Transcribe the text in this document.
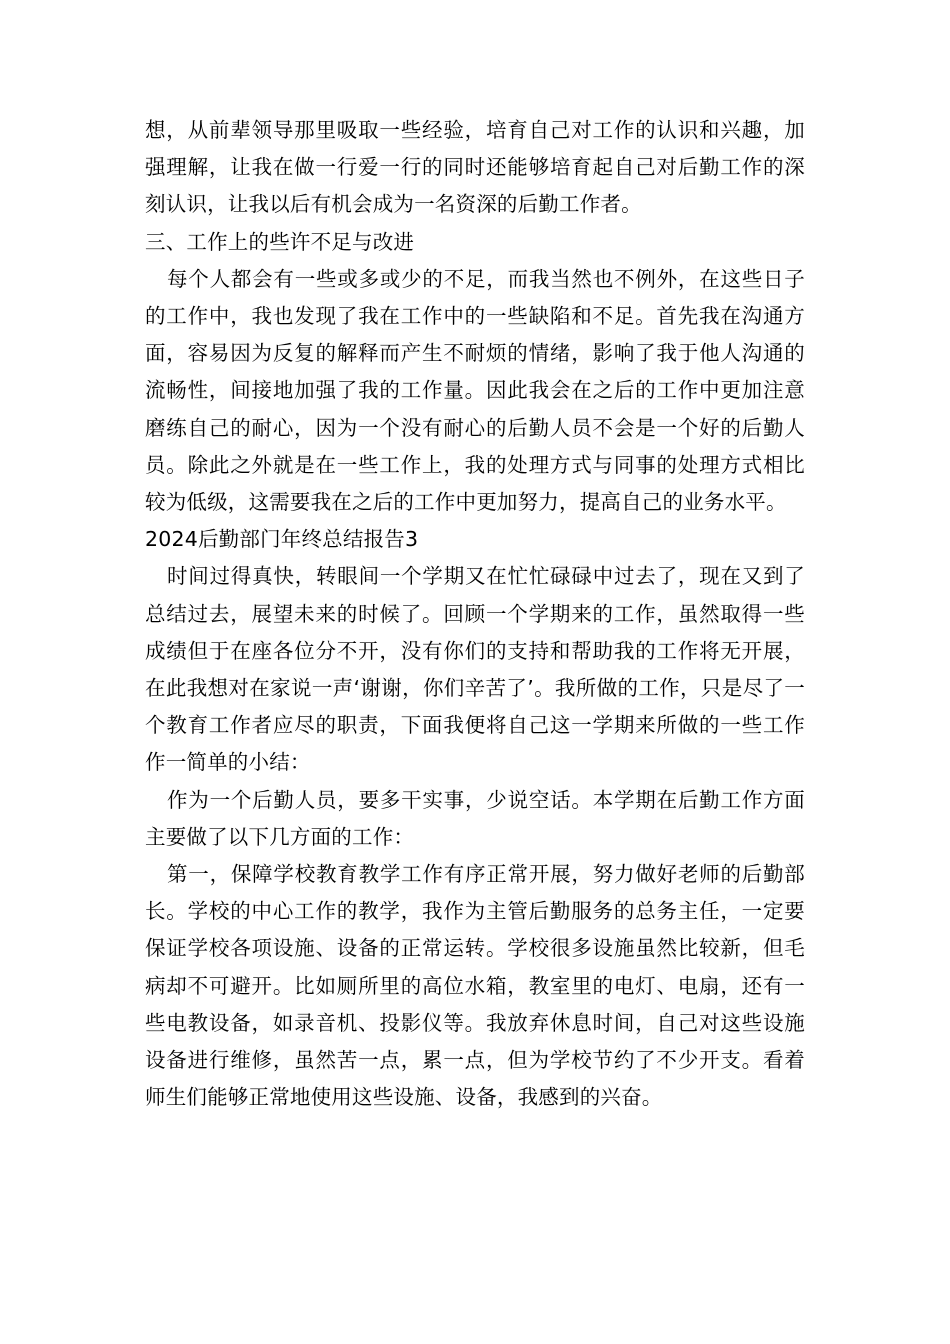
想，从前辈领导那里吸取一些经验，培育自己对工作的认识和兴趣，加强理解，让我在做一行爱一行的同时还能够培育起自己对后勤工作的深刻认识，让我以后有机会成为一名资深的后勤工作者。

三、工作上的些许不足与改进

每个人都会有一些或多或少的不足，而我当然也不例外，在这些日子的工作中，我也发现了我在工作中的一些缺陷和不足。首先我在沟通方面，容易因为反复的解释而产生不耐烦的情绪，影响了我于他人沟通的流畅性，间接地加强了我的工作量。因此我会在之后的工作中更加注意磨练自己的耐心，因为一个没有耐心的后勤人员不会是一个好的后勤人员。除此之外就是在一些工作上，我的处理方式与同事的处理方式相比较为低级，这需要我在之后的工作中更加努力，提高自己的业务水平。

2024后勤部门年终总结报告3

时间过得真快，转眼间一个学期又在忙忙碌碌中过去了，现在又到了总结过去，展望未来的时候了。回顾一个学期来的工作，虽然取得一些成绩但于在座各位分不开，没有你们的支持和帮助我的工作将无开展，在此我想对在家说一声‘谢谢，你们辛苦了’。我所做的工作，只是尽了一个教育工作者应尽的职责，下面我便将自己这一学期来所做的一些工作作一简单的小结：

作为一个后勤人员，要多干实事，少说空话。本学期在后勤工作方面主要做了以下几方面的工作：

第一，保障学校教育教学工作有序正常开展，努力做好老师的后勤部长。学校的中心工作的教学，我作为主管后勤服务的总务主任，一定要保证学校各项设施、设备的正常运转。学校很多设施虽然比较新，但毛病却不可避开。比如厕所里的高位水箱，教室里的电灯、电扇，还有一些电教设备，如录音机、投影仪等。我放弃休息时间，自己对这些设施设备进行维修，虽然苦一点，累一点，但为学校节约了不少开支。看着师生们能够正常地使用这些设施、设备，我感到的兴奋。
